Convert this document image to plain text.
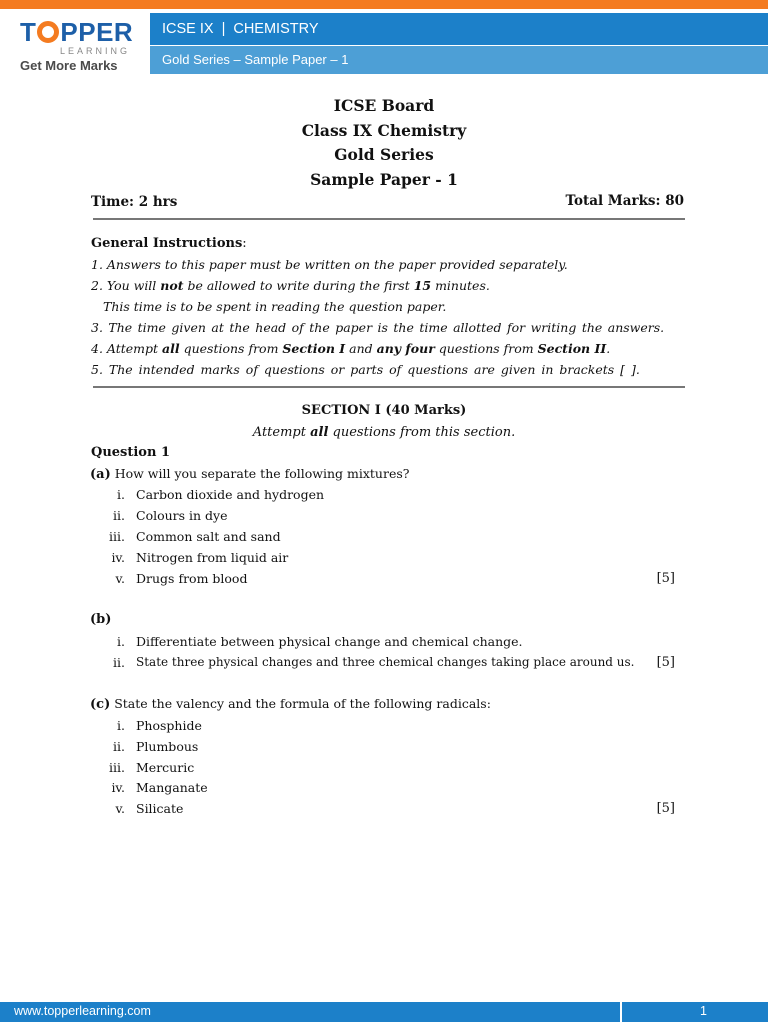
T PPER
LEARNING
Get More Marks
ICSE IX | CHEMISTRY
Gold Series – Sample Paper – 1
ICSE Board
Class IX Chemistry
Gold Series
Sample Paper - 1
Time: 2 hrs	Total Marks: 80
General Instructions:
1. Answers to this paper must be written on the paper provided separately.
2. You will not be allowed to write during the first 15 minutes.
This time is to be spent in reading the question paper.
3. The time given at the head of the paper is the time allotted for writing the answers.
4. Attempt all questions from Section I and any four questions from Section II.
5. The intended marks of questions or parts of questions are given in brackets [ ].
SECTION I (40 Marks)
Attempt all questions from this section.
Question 1
(a) How will you separate the following mixtures?
i. Carbon dioxide and hydrogen
ii. Colours in dye
iii. Common salt and sand
iv. Nitrogen from liquid air
v. Drugs from blood	[5]
(b)
i. Differentiate between physical change and chemical change.
ii. State three physical changes and three chemical changes taking place around us. [5]
(c) State the valency and the formula of the following radicals:
i. Phosphide
ii. Plumbous
iii. Mercuric
iv. Manganate
v. Silicate	[5]
www.topperlearning.com	1
